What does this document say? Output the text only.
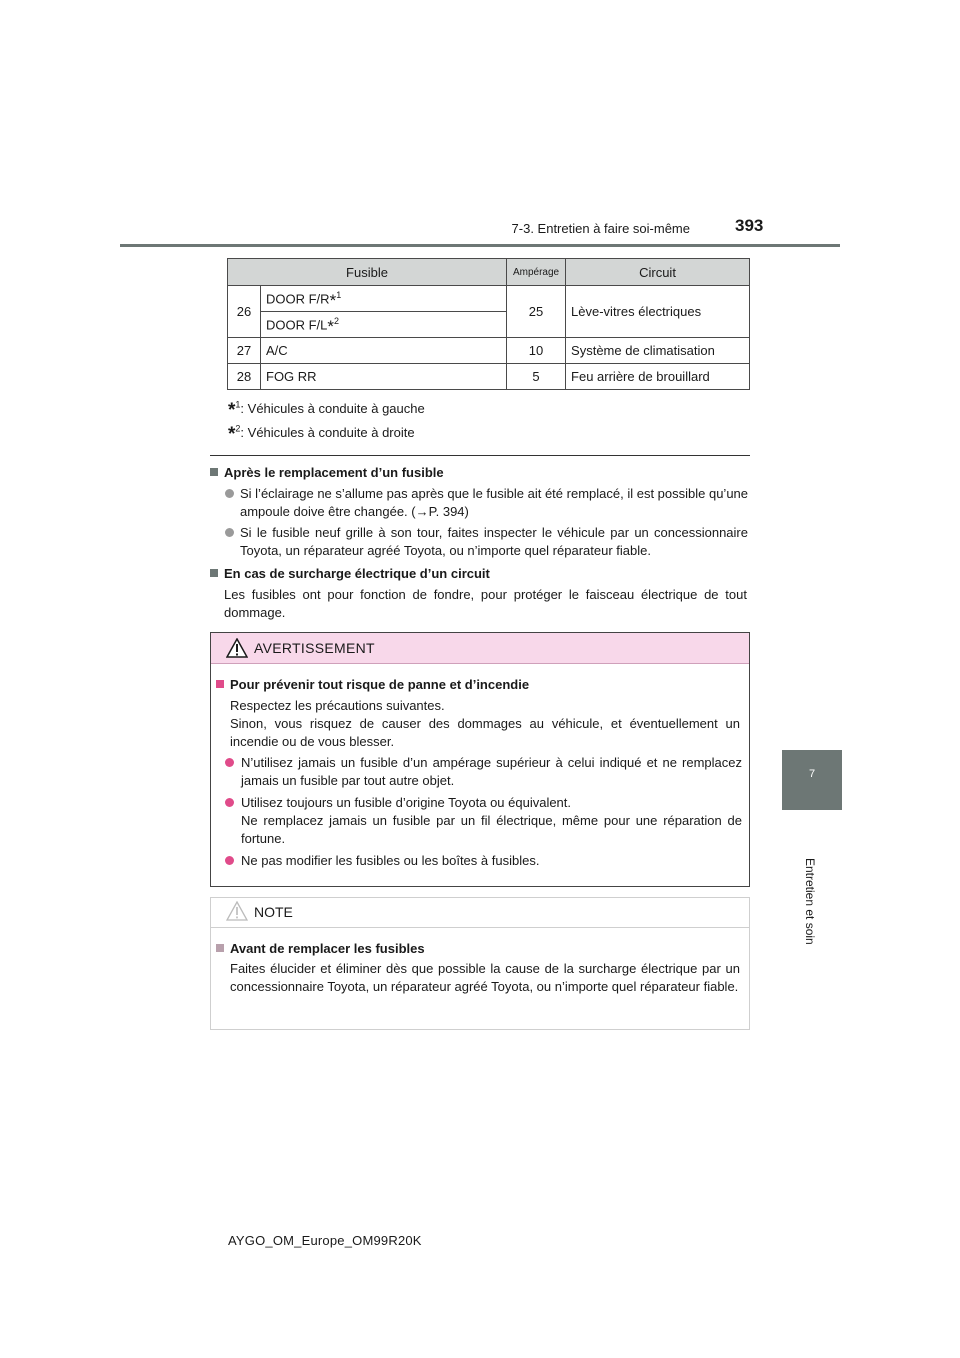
7-3. Entretien à faire soi-même	393
7
Entretien et soin
Fusible		Ampérage	Circuit
26	DOOR F/R*$^1$	25	Lève-vitres électriques
	DOOR F/L*$^2$
27	A/C	10	Système de climatisation
28	FOG RR	5	Feu arrière de brouillard
*$^1$: Véhicules à conduite à gauche
*$^2$: Véhicules à conduite à droite
Après le remplacement d’un fusible
Si l’éclairage ne s’allume pas après que le fusible ait été remplacé, il est possible qu’une ampoule doive être changée. (→P. 394)
Si le fusible neuf grille à son tour, faites inspecter le véhicule par un concessionnaire Toyota, un réparateur agréé Toyota, ou n’importe quel réparateur fiable.
En cas de surcharge électrique d’un circuit
Les fusibles ont pour fonction de fondre, pour protéger le faisceau électrique de tout dommage.
AVERTISSEMENT
Pour prévenir tout risque de panne et d’incendie
Respectez les précautions suivantes.
Sinon, vous risquez de causer des dommages au véhicule, et éventuellement un incendie ou de vous blesser.
N’utilisez jamais un fusible d’un ampérage supérieur à celui indiqué et ne remplacez jamais un fusible par tout autre objet.
Utilisez toujours un fusible d’origine Toyota ou équivalent.
Ne remplacez jamais un fusible par un fil électrique, même pour une réparation de fortune.
Ne pas modifier les fusibles ou les boîtes à fusibles.
NOTE
Avant de remplacer les fusibles
Faites élucider et éliminer dès que possible la cause de la surcharge électrique par un concessionnaire Toyota, un réparateur agréé Toyota, ou n’importe quel réparateur fiable.
AYGO_OM_Europe_OM99R20K
